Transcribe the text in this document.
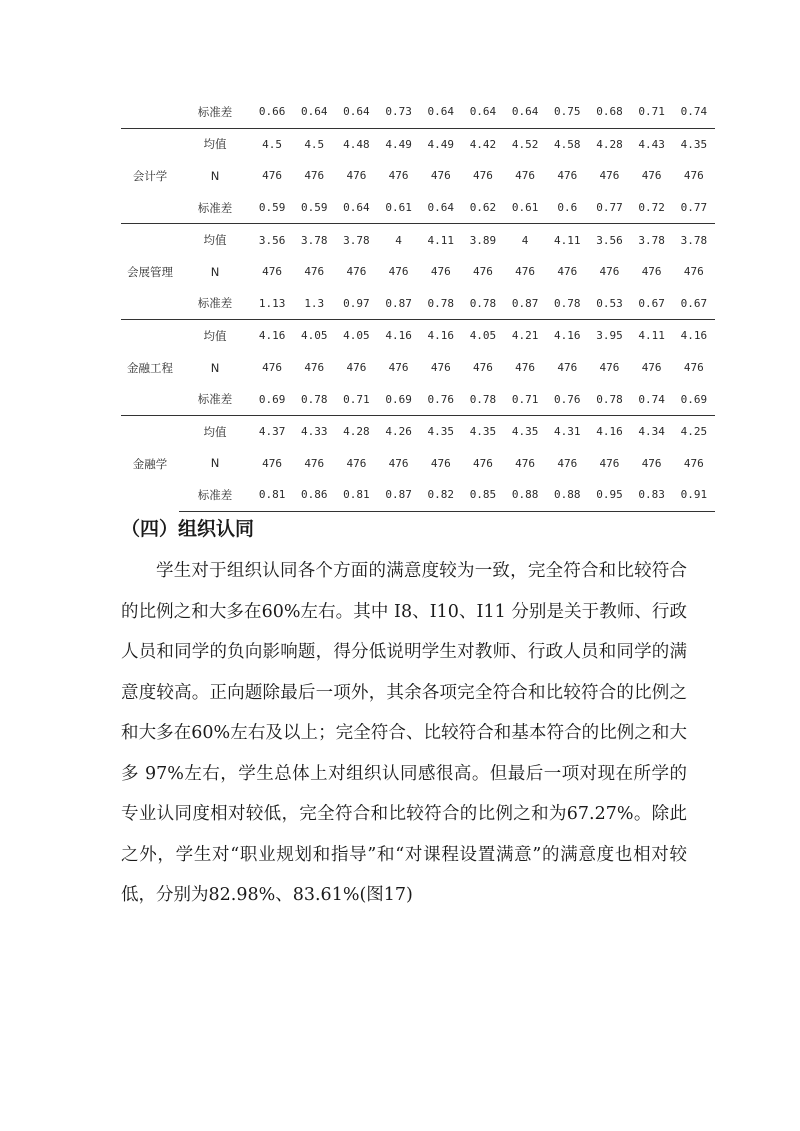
	标准差	0.66	0.64	0.64	0.73	0.64	0.64	0.64	0.75	0.68	0.71	0.74
会计学	均值	4.5	4.5	4.48	4.49	4.49	4.42	4.52	4.58	4.28	4.43	4.35
	N	476	476	476	476	476	476	476	476	476	476	476
	标准差	0.59	0.59	0.64	0.61	0.64	0.62	0.61	0.6	0.77	0.72	0.77
会展管理	均值	3.56	3.78	3.78	4	4.11	3.89	4	4.11	3.56	3.78	3.78
	N	476	476	476	476	476	476	476	476	476	476	476
	标准差	1.13	1.3	0.97	0.87	0.78	0.78	0.87	0.78	0.53	0.67	0.67
金融工程	均值	4.16	4.05	4.05	4.16	4.16	4.05	4.21	4.16	3.95	4.11	4.16
	N	476	476	476	476	476	476	476	476	476	476	476
	标准差	0.69	0.78	0.71	0.69	0.76	0.78	0.71	0.76	0.78	0.74	0.69
金融学	均值	4.37	4.33	4.28	4.26	4.35	4.35	4.35	4.31	4.16	4.34	4.25
	N	476	476	476	476	476	476	476	476	476	476	476
	标准差	0.81	0.86	0.81	0.87	0.82	0.85	0.88	0.88	0.95	0.83	0.91
（四）组织认同

学生对于组织认同各个方面的满意度较为一致，完全符合和比较符合的比例之和大多在60%左右。其中 I8、I10、I11 分别是关于教师、行政人员和同学的负向影响题，得分低说明学生对教师、行政人员和同学的满意度较高。正向题除最后一项外，其余各项完全符合和比较符合的比例之和大多在60%左右及以上；完全符合、比较符合和基本符合的比例之和大多 97%左右，学生总体上对组织认同感很高。但最后一项对现在所学的专业认同度相对较低，完全符合和比较符合的比例之和为67.27%。除此之外，学生对“职业规划和指导”和“对课程设置满意”的满意度也相对较低，分别为82.98%、83.61%(图17)
